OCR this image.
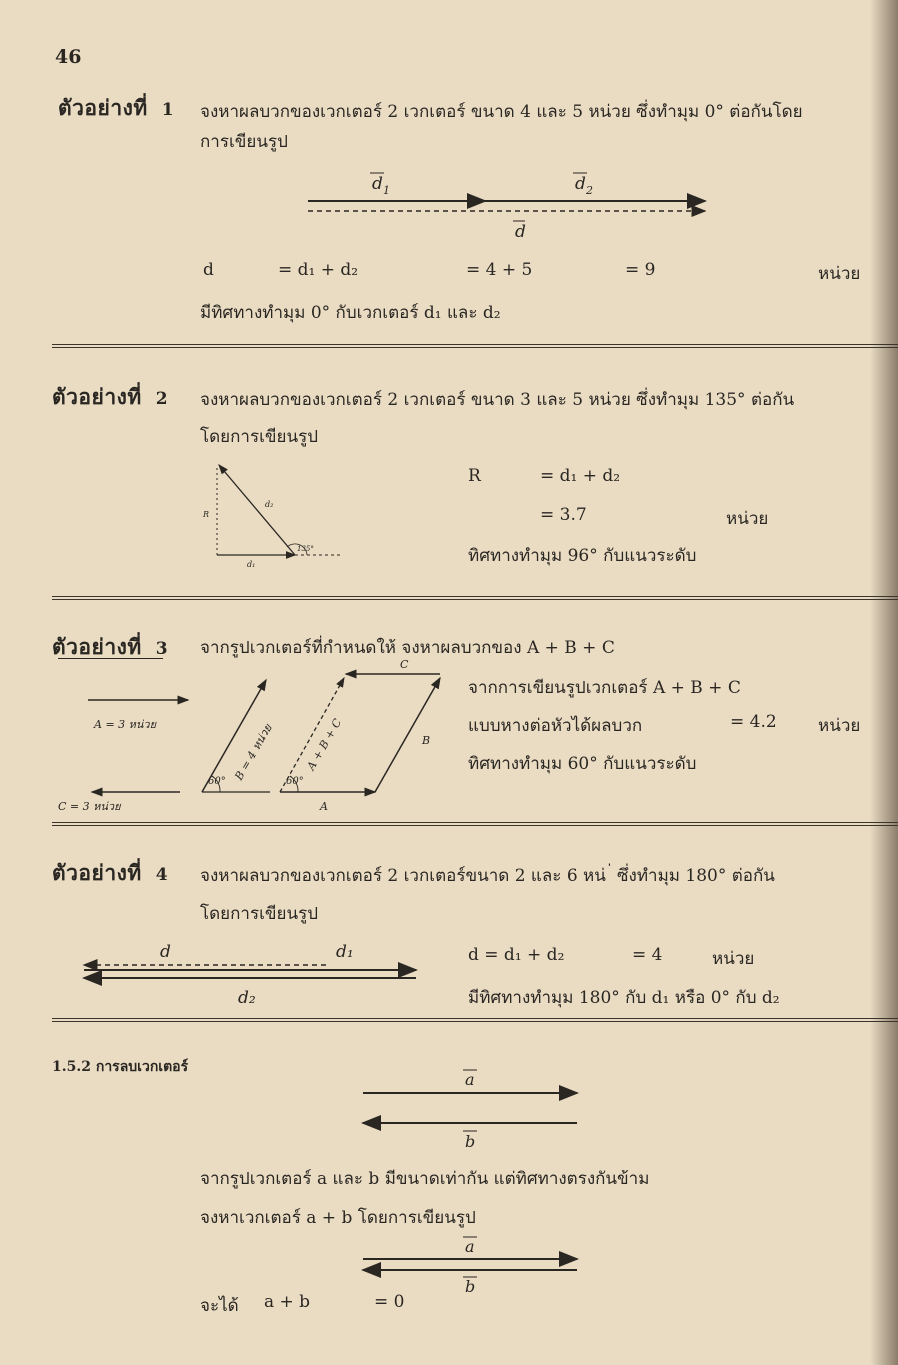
46
ตัวอย่างที่ 1 จงหาผลบวกของเวกเตอร์ 2 เวกเตอร์ ขนาด 4 และ 5 หน่วย ซึ่งทำมุม 0° ต่อกันโดย
การเขียนรูป
d 1	d 2
d
d	= d₁ + d₂	= 4 + 5	= 9	หน่วย
มีทิศทางทำมุม 0° กับเวกเตอร์ d₁ และ d₂
ตัวอย่างที่ 2 จงหาผลบวกของเวกเตอร์ 2 เวกเตอร์ ขนาด 3 และ 5 หน่วย ซึ่งทำมุม 135° ต่อกัน
โดยการเขียนรูป
R
d₂
d₁
135°
R	= d₁ + d₂
= 3.7	หน่วย
ทิศทางทำมุม 96° กับแนวระดับ
ตัวอย่างที่ 3 จากรูปเวกเตอร์ที่กำหนดให้ จงหาผลบวกของ A + B + C
A = 3 หน่วย
C = 3 หน่วย
60° B = 4 หน่วย 60°
A + B + C
A
B
C
จากการเขียนรูปเวกเตอร์ A + B + C
แบบหางต่อหัวได้ผลบวก	= 4.2 หน่วย
ทิศทางทำมุม 60° กับแนวระดับ
ตัวอย่างที่ 4 จงหาผลบวกของเวกเตอร์ 2 เวกเตอร์ขนาด 2 และ 6 หน่ ่ ซึ่งทำมุม 180° ต่อกัน
โดยการเขียนรูป
d	d₁
d₂
d = d₁ + d₂	= 4	หน่วย
มีทิศทางทำมุม 180° กับ d₁ หรือ 0° กับ d₂
1.5.2 การลบเวกเตอร์
a
b
จากรูปเวกเตอร์ a และ b มีขนาดเท่ากัน แต่ทิศทางตรงกันข้าม
จงหาเวกเตอร์ a + b โดยการเขียนรูป
a
b
จะได้ a + b	= 0
